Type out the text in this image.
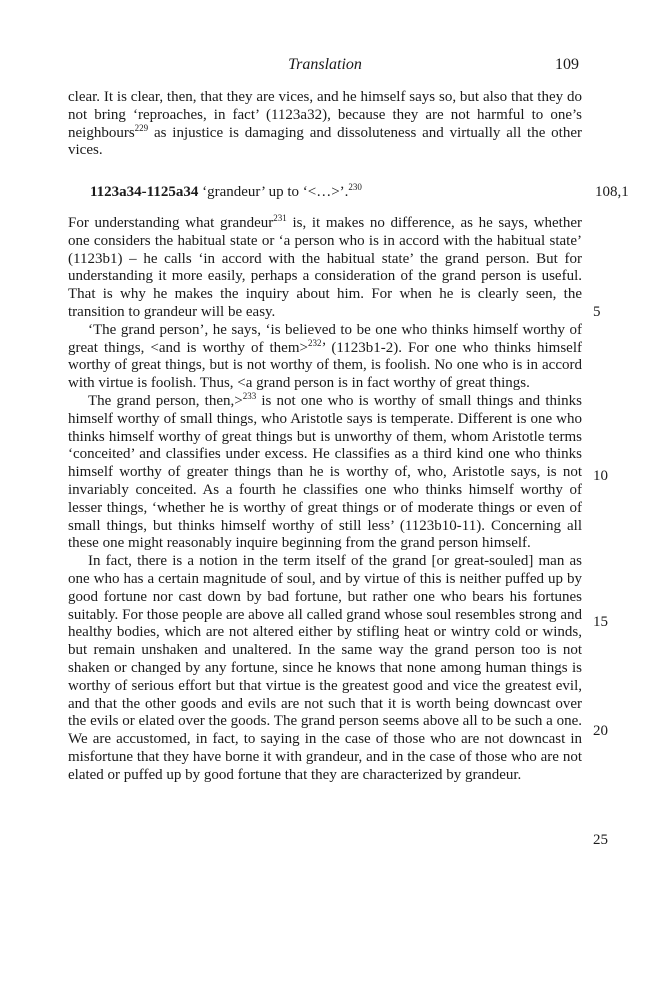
Translation	109

clear. It is clear, then, that they are vices, and he himself says so, but also that they do not bring ‘reproaches, in fact’ (1123a32), because they are not harmful to one’s neighbours$^{229}$ as injustice is damaging and dissoluteness and virtually all the other vices.

1123a34-1125a34 ‘grandeur’ up to ‘<…>’.$^{230}$	108,1

For understanding what grandeur$^{231}$ is, it makes no difference, as he says, whether one considers the habitual state or ‘a person who is in accord with the habitual state’ (1123b1) – he calls ‘in accord with the habitual state’ the grand person. But for understanding it more easily, perhaps a consideration of the grand person is useful. That is why he makes the inquiry about him. For when he is clearly seen, the transition to grandeur will be easy.

‘The grand person’, he says, ‘is believed to be one who thinks himself worthy of great things, <and is worthy of them>$^{232}$’ (1123b1-2). For one who thinks himself worthy of great things, but is not worthy of them, is foolish. No one who is in accord with virtue is foolish. Thus, <a grand person is in fact worthy of great things.

The grand person, then,>$^{233}$ is not one who is worthy of small things and thinks himself worthy of small things, who Aristotle says is temperate. Different is one who thinks himself worthy of great things but is unworthy of them, whom Aristotle terms ‘conceited’ and classifies under excess. He classifies as a third kind one who thinks himself worthy of greater things than he is worthy of, who, Aristotle says, is not invariably conceited. As a fourth he classifies one who thinks himself worthy of lesser things, ‘whether he is worthy of great things or of moderate things or even of small things, but thinks himself worthy of still less’ (1123b10-11). Concerning all these one might reasonably inquire beginning from the grand person himself.

In fact, there is a notion in the term itself of the grand [or great-souled] man as one who has a certain magnitude of soul, and by virtue of this is neither puffed up by good fortune nor cast down by bad fortune, but rather one who bears his fortunes suitably. For those people are above all called grand whose soul resembles strong and healthy bodies, which are not altered either by stifling heat or wintry cold or winds, but remain unshaken and unaltered. In the same way the grand person too is not shaken or changed by any fortune, since he knows that none among human things is worthy of serious effort but that virtue is the greatest good and vice the greatest evil, and that the other goods and evils are not such that it is worth being downcast over the evils or elated over the goods. The grand person seems above all to be such a one. We are accustomed, in fact, to saying in the case of those who are not downcast in misfortune that they have borne it with grandeur, and in the case of those who are not elated or puffed up by good fortune that they are characterized by grandeur.

5
10
15
20
25
